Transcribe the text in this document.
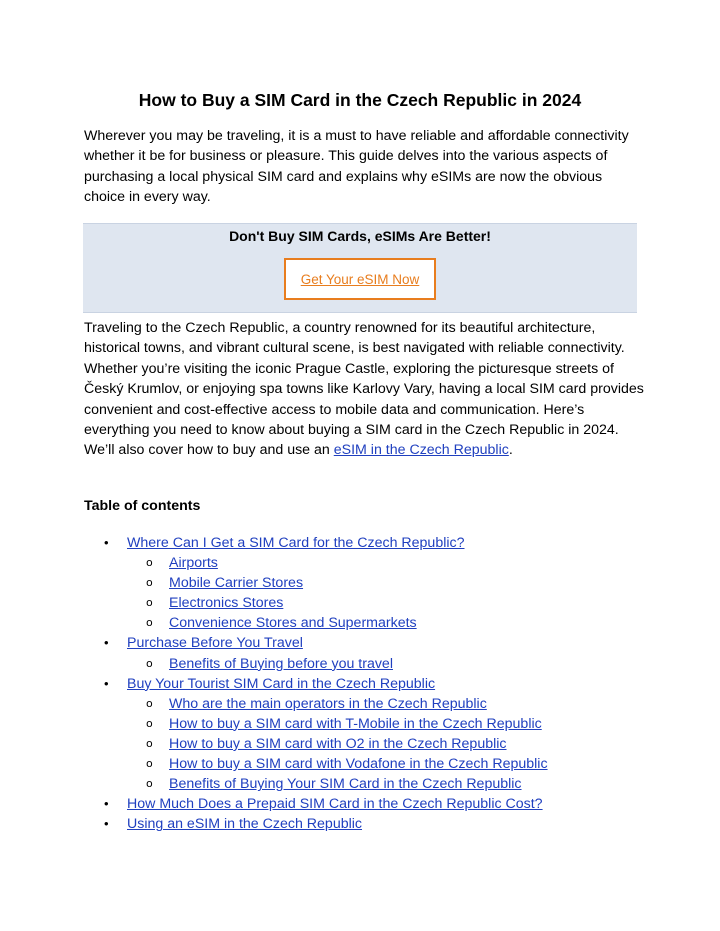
How to Buy a SIM Card in the Czech Republic in 2024

Wherever you may be traveling, it is a must to have reliable and affordable connectivity whether it be for business or pleasure. This guide delves into the various aspects of purchasing a local physical SIM card and explains why eSIMs are now the obvious choice in every way.

Don't Buy SIM Cards, eSIMs Are Better!
Get Your eSIM Now

Traveling to the Czech Republic, a country renowned for its beautiful architecture, historical towns, and vibrant cultural scene, is best navigated with reliable connectivity. Whether you’re visiting the iconic Prague Castle, exploring the picturesque streets of Český Krumlov, or enjoying spa towns like Karlovy Vary, having a local SIM card provides convenient and cost-effective access to mobile data and communication. Here’s everything you need to know about buying a SIM card in the Czech Republic in 2024. We’ll also cover how to buy and use an eSIM in the Czech Republic.

Table of contents
• Where Can I Get a SIM Card for the Czech Republic?
o Airports
o Mobile Carrier Stores
o Electronics Stores
o Convenience Stores and Supermarkets
• Purchase Before You Travel
o Benefits of Buying before you travel
• Buy Your Tourist SIM Card in the Czech Republic
o Who are the main operators in the Czech Republic
o How to buy a SIM card with T-Mobile in the Czech Republic
o How to buy a SIM card with O2 in the Czech Republic
o How to buy a SIM card with Vodafone in the Czech Republic
o Benefits of Buying Your SIM Card in the Czech Republic
• How Much Does a Prepaid SIM Card in the Czech Republic Cost?
• Using an eSIM in the Czech Republic
